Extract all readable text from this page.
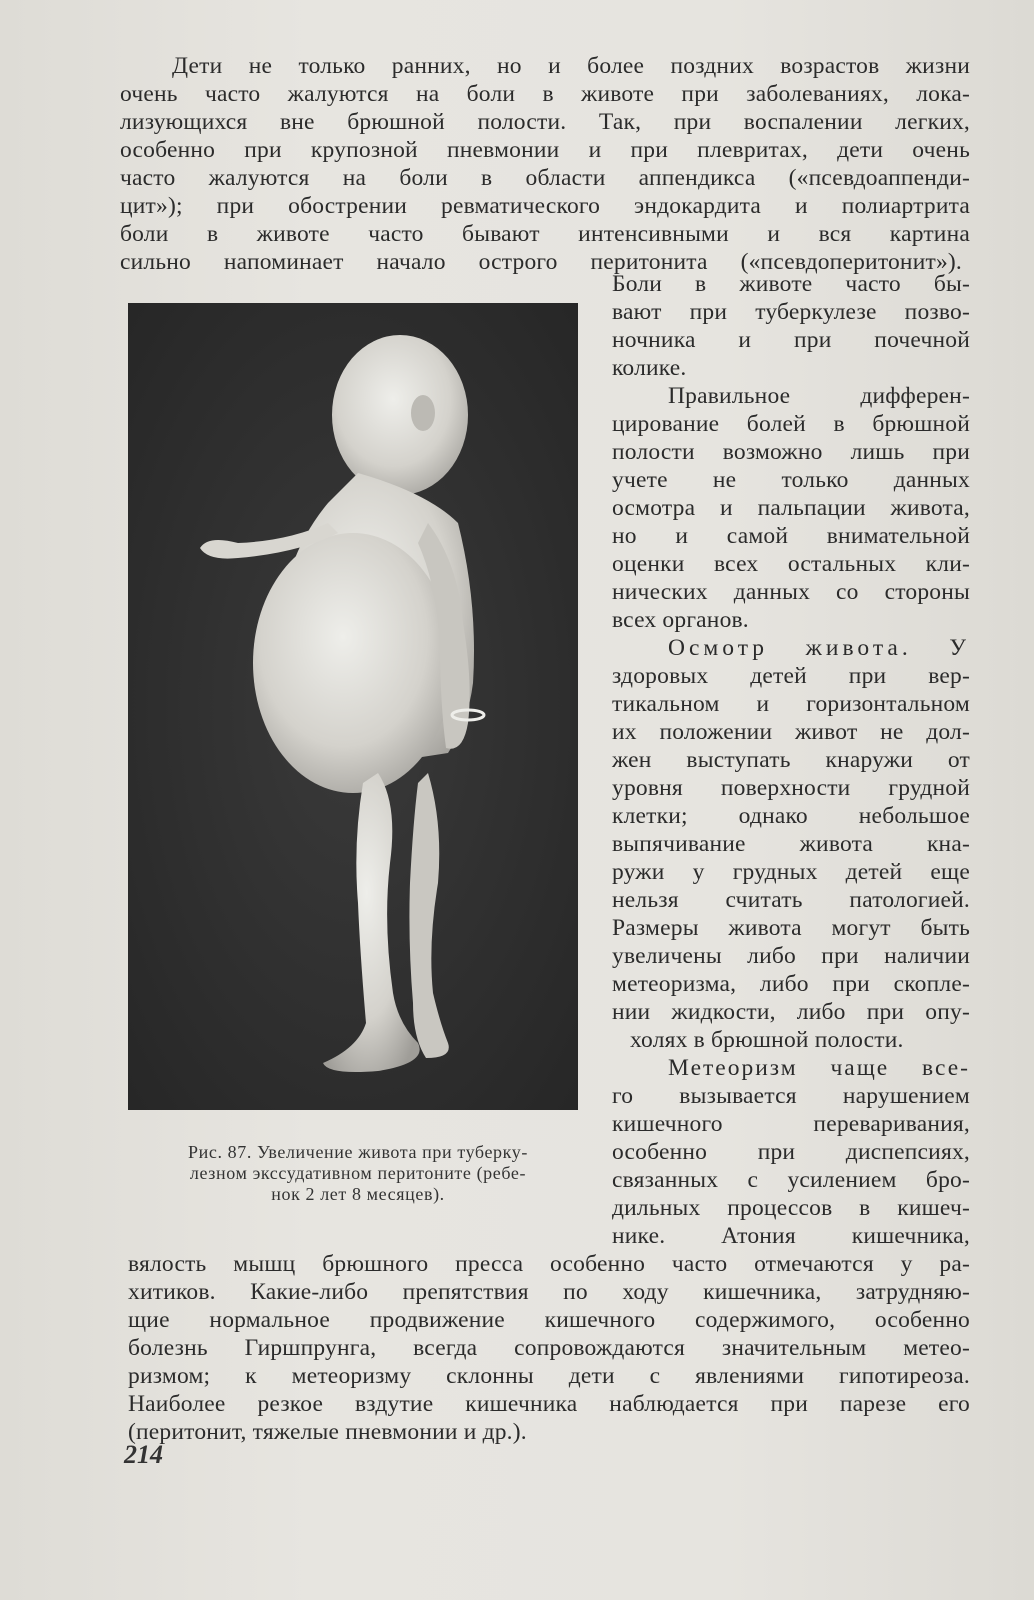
Дети не только ранних, но и более поздних возрастов жизни
очень часто жалуются на боли в животе при заболеваниях, лока-
лизующихся вне брюшной полости. Так, при воспалении легких,
особенно при крупозной пневмонии и при плевритах, дети очень
часто жалуются на боли в области аппендикса («псевдоаппенди-
цит»); при обострении ревматического эндокардита и полиартрита
боли в животе часто бывают интенсивными и вся картина
сильно напоминает начало острого перитонита («псевдоперитонит»).
Рис. 87. Увеличение живота при туберку-
лезном экссудативном перитоните (ребе-
нок 2 лет 8 месяцев).
Боли в животе часто бы-
вают при туберкулезе позво-
ночника и при почечной
колике.
Правильное дифферен-
цирование болей в брюшной
полости возможно лишь при
учете не только данных
осмотра и пальпации живота,
но и самой внимательной
оценки всех остальных кли-
нических данных со стороны
всех органов.
Осмотр живота. У
здоровых детей при вер-
тикальном и горизонтальном
их положении живот не дол-
жен выступать кнаружи от
уровня поверхности грудной
клетки; однако небольшое
выпячивание живота кна-
ружи у грудных детей еще
нельзя считать патологией.
Размеры живота могут быть
увеличены либо при наличии
метеоризма, либо при скопле-
нии жидкости, либо при опу-
холях в брюшной полости.
Метеоризм чаще все-
го вызывается нарушением
кишечного переваривания,
особенно при диспепсиях,
связанных с усилением бро-
дильных процессов в кишеч-
нике. Атония кишечника,
вялость мышц брюшного пресса особенно часто отмечаются у ра-
хитиков. Какие-либо препятствия по ходу кишечника, затрудняю-
щие нормальное продвижение кишечного содержимого, особенно
болезнь Гиршпрунга, всегда сопровождаются значительным метео-
ризмом; к метеоризму склонны дети с явлениями гипотиреоза.
Наиболее резкое вздутие кишечника наблюдается при парезе его
(перитонит, тяжелые пневмонии и др.).
214
